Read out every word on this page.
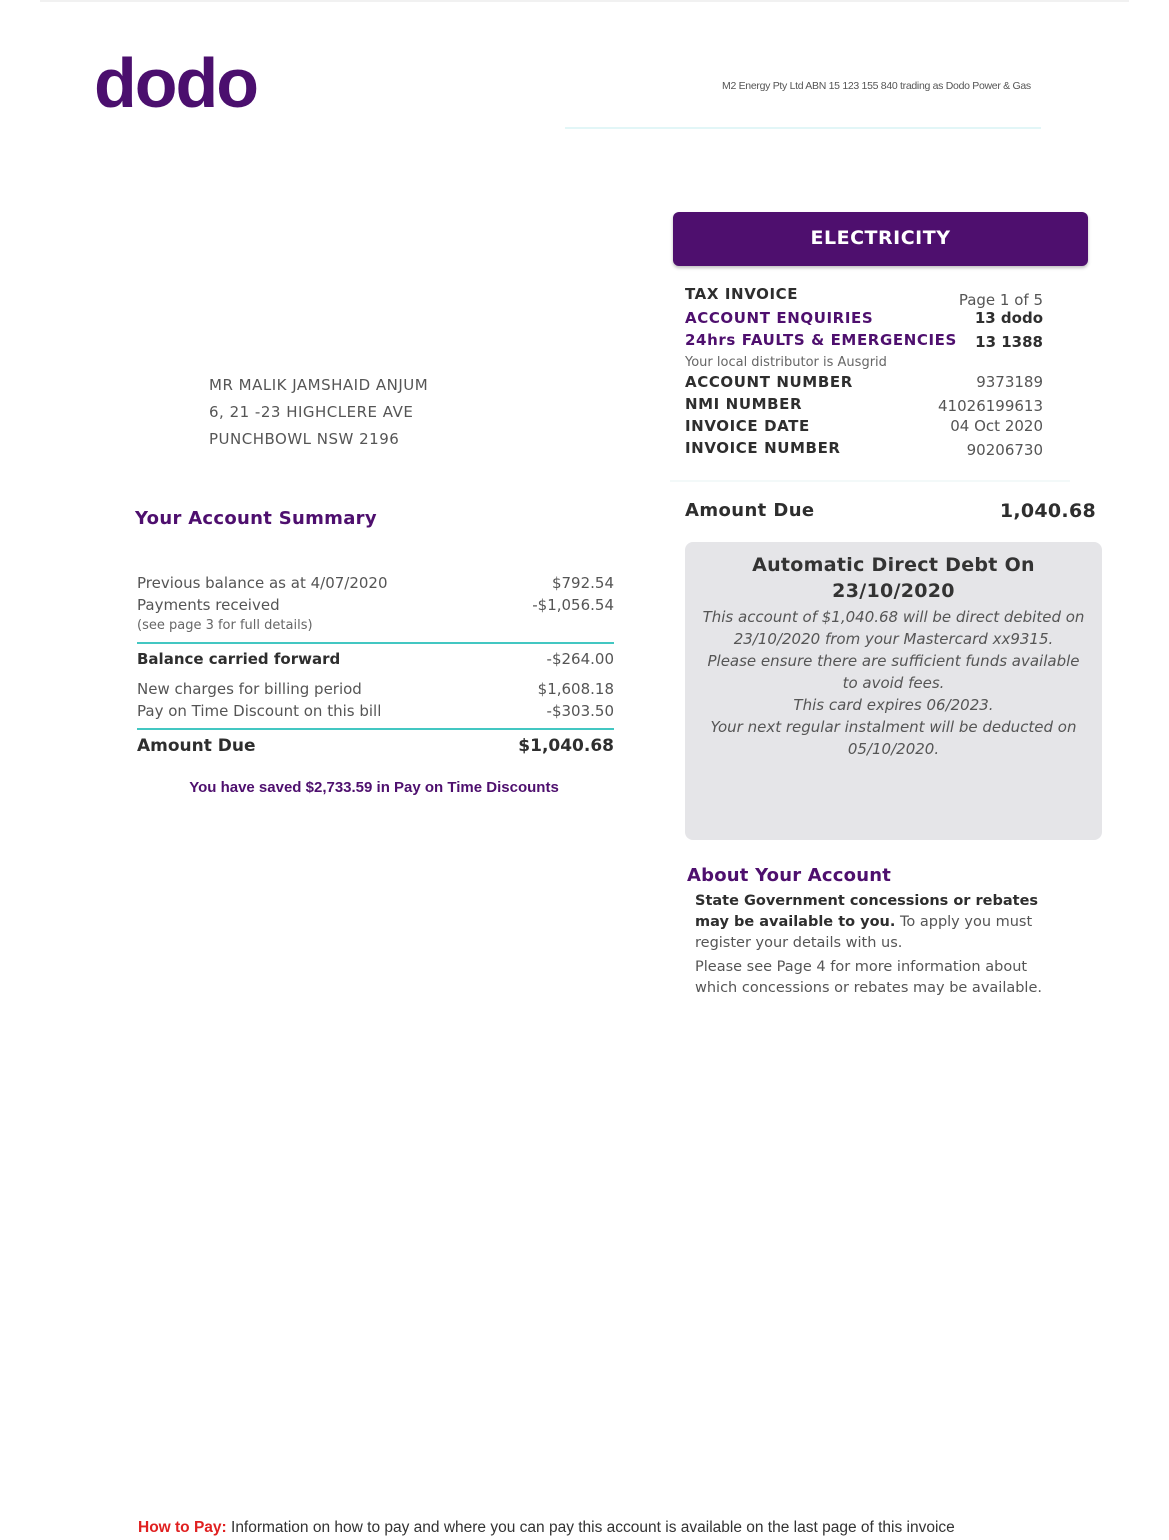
dodo	M2 Energy Pty Ltd ABN 15 123 155 840 trading as Dodo Power & Gas
ELECTRICITY
TAX INVOICE	Page 1 of 5
ACCOUNT ENQUIRIES	13 dodo
24hrs FAULTS & EMERGENCIES 13 1388
Your local distributor is Ausgrid
ACCOUNT NUMBER	9373189
NMI NUMBER	41026199613
INVOICE DATE	04 Oct 2020
INVOICE NUMBER	90206730
MR MALIK JAMSHAID ANJUM
6, 21 -23 HIGHCLERE AVE
PUNCHBOWL NSW 2196
Your Account Summary
Previous balance as at 4/07/2020	$792.54
Payments received	-$1,056.54
(see page 3 for full details)
Balance carried forward	-$264.00
New charges for billing period	$1,608.18
Pay on Time Discount on this bill	-$303.50
Amount Due	$1,040.68
You have saved $2,733.59 in Pay on Time Discounts
Amount Due	1,040.68
Automatic Direct Debt On
23/10/2020
This account of $1,040.68 will be direct debited on
23/10/2020 from your Mastercard xx9315.
Please ensure there are sufficient funds available
to avoid fees.
This card expires 06/2023.
Your next regular instalment will be deducted on
05/10/2020.
About Your Account

State Government concessions or rebates may be available to you. To apply you must register your details with us.

Please see Page 4 for more information about which concessions or rebates may be available.

How to Pay: Information on how to pay and where you can pay this account is available on the last page of this invoice
